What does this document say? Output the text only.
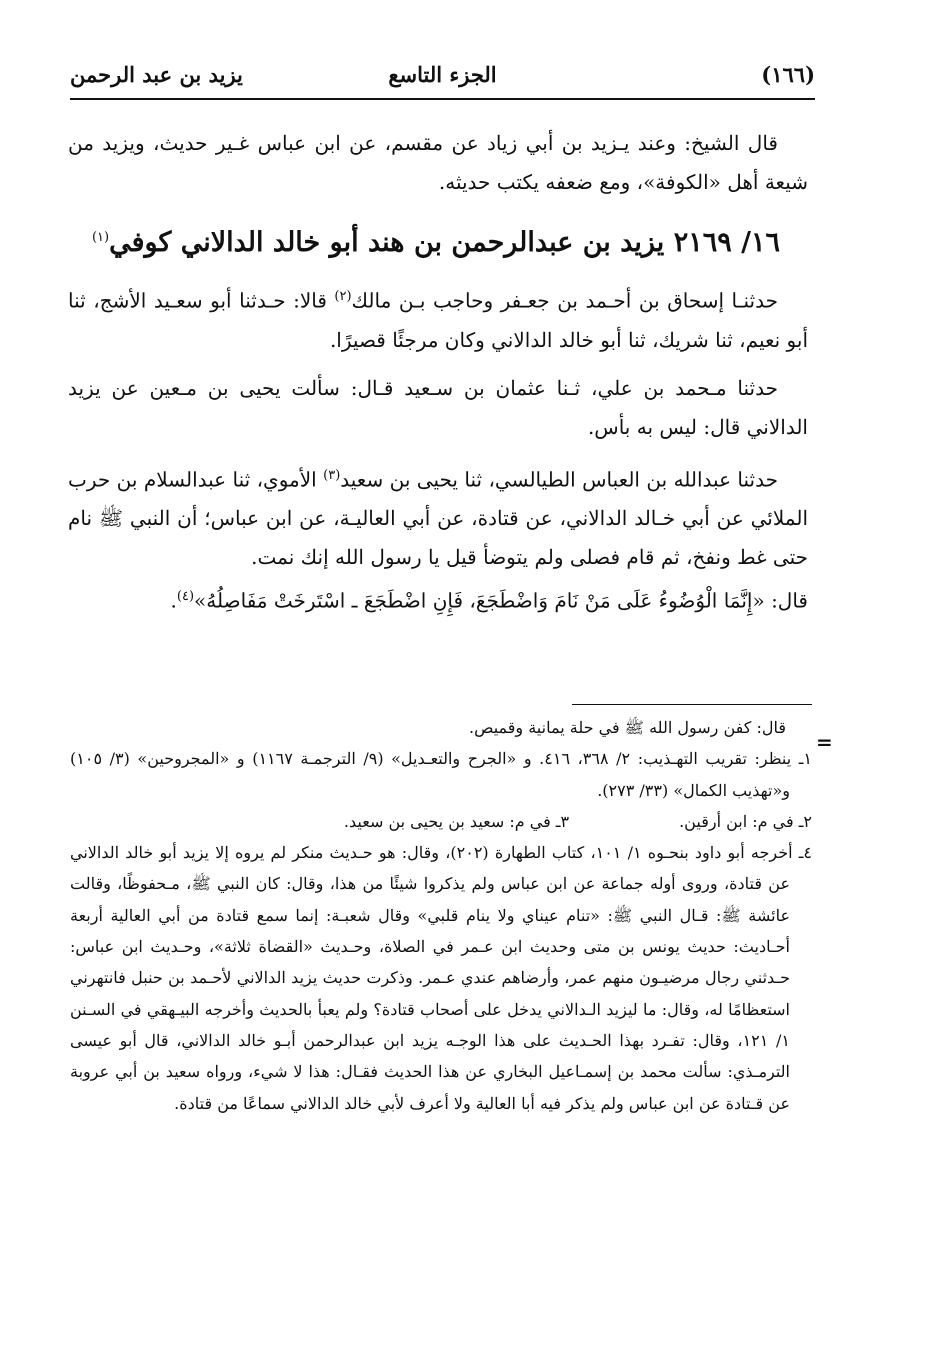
(١٦٦)
الجزء التاسع
يزيد بن عبد الرحمن

قال الشيخ: وعند يـزيد بن أبي زياد عن مقسم، عن ابن عباس غـير حديث، ويزيد من شيعة أهل «الكوفة»، ومع ضعفه يكتب حديثه.

١٦/ ٢١٦٩ يزيد بن عبدالرحمن بن هند أبو خالد الدالاني كوفي$^{(١)}$

حدثنـا إسحاق بن أحـمد بن جعـفر وحاجب بـن مالك$^{(٢)}$ قالا: حـدثنا أبو سعـيد الأشج، ثنا أبو نعيم، ثنا شريك، ثنا أبو خالد الدالاني وكان مرجئًا قصيرًا.

حدثنا مـحمد بن علي، ثـنا عثمان بن سـعيد قـال: سألت يحيى بن مـعين عن يزيد الدالاني قال: ليس به بأس.

حدثنا عبدالله بن العباس الطيالسي، ثنا يحيى بن سعيد$^{(٣)}$ الأموي، ثنا عبدالسلام بن حرب الملائي عن أبي خـالد الدالاني، عن قتادة، عن أبي العاليـة، عن ابن عباس؛ أن النبي ﷺ نام حتى غط ونفخ، ثم قام فصلى ولم يتوضأ قيل يا رسول الله إنك نمت.

قال: «إِنَّمَا الْوُضُوءُ عَلَى مَنْ نَامَ وَاضْطَجَعَ، فَإِنِ اضْطَجَعَ ـ اسْتَرخَتْ مَفَاصِلُهُ»$^{(٤)}$.

=

قال: كفن رسول الله ﷺ في حلة يمانية وقميص.

١ـ ينظر: تقريب التهـذيب: ٢/ ٣٦٨، ٤١٦. و «الجرح والتعـديل» (٩/ الترجمـة ١١٦٧) و «المجروحين» (٣/ ١٠٥) و«تهذيب الكمال» (٣٣/ ٢٧٣).

٢ـ في م: ابن أرقين.
٣ـ في م: سعيد بن يحيى بن سعيد.

٤ـ أخرجه أبو داود بنحـوه ١/ ١٠١، كتاب الطهارة (٢٠٢)، وقال: هو حـديث منكر لم يروه إلا يزيد أبو خالد الدالاني عن قتادة، وروى أوله جماعة عن ابن عباس ولم يذكروا شيئًا من هذا، وقال: كان النبي ﷺ، مـحفوظًا، وقالت عائشة ﷺ: قـال النبي ﷺ: «تنام عيناي ولا ينام قلبي» وقال شعبـة: إنما سمع قتادة من أبي العالية أربعة أحـاديث: حديث يونس بن متى وحديث ابن عـمر في الصلاة، وحـديث «القضاة ثلاثة»، وحـديث ابن عباس: حـدثني رجال مرضيـون منهم عمر، وأرضاهم عندي عـمر. وذكرت حديث يزيد الدالاني لأحـمد بن حنبل فانتهرني استعظامًا له، وقال: ما ليزيد الـدالاني يدخل على أصحاب قتادة؟ ولم يعبأ بالحديث وأخرجه البيـهقي في السـنن ١/ ١٢١، وقال: تفـرد بهذا الحـديث على هذا الوجـه يزيد ابن عبدالرحمن أبـو خالد الدالاني، قال أبو عيسى الترمـذي: سألت محمد بن إسمـاعيل البخاري عن هذا الحديث فقـال: هذا لا شيء، ورواه سعيد بن أبي عروبة عن قـتادة عن ابن عباس ولم يذكر فيه أبا العالية ولا أعرف لأبي خالد الدالاني سماعًا من قتادة.
